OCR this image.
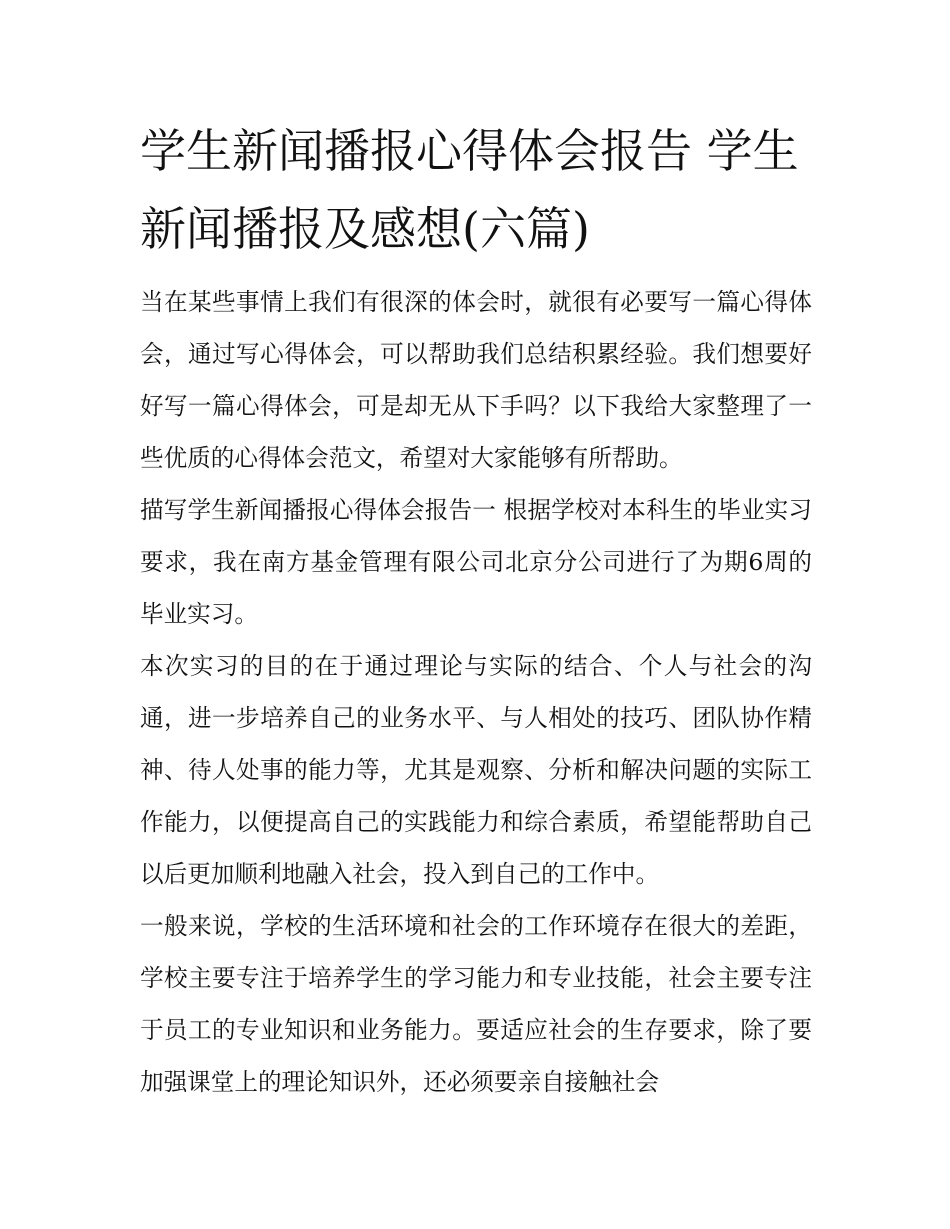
学生新闻播报心得体会报告 学生新闻播报及感想(六篇)

当在某些事情上我们有很深的体会时，就很有必要写一篇心得体会，通过写心得体会，可以帮助我们总结积累经验。我们想要好好写一篇心得体会，可是却无从下手吗？以下我给大家整理了一些优质的心得体会范文，希望对大家能够有所帮助。

描写学生新闻播报心得体会报告一 根据学校对本科生的毕业实习要求，我在南方基金管理有限公司北京分公司进行了为期6周的毕业实习。

本次实习的目的在于通过理论与实际的结合、个人与社会的沟通，进一步培养自己的业务水平、与人相处的技巧、团队协作精神、待人处事的能力等，尤其是观察、分析和解决问题的实际工作能力，以便提高自己的实践能力和综合素质，希望能帮助自己以后更加顺利地融入社会，投入到自己的工作中。

一般来说，学校的生活环境和社会的工作环境存在很大的差距，学校主要专注于培养学生的学习能力和专业技能，社会主要专注于员工的专业知识和业务能力。要适应社会的生存要求，除了要加强课堂上的理论知识外，还必须要亲自接触社会
